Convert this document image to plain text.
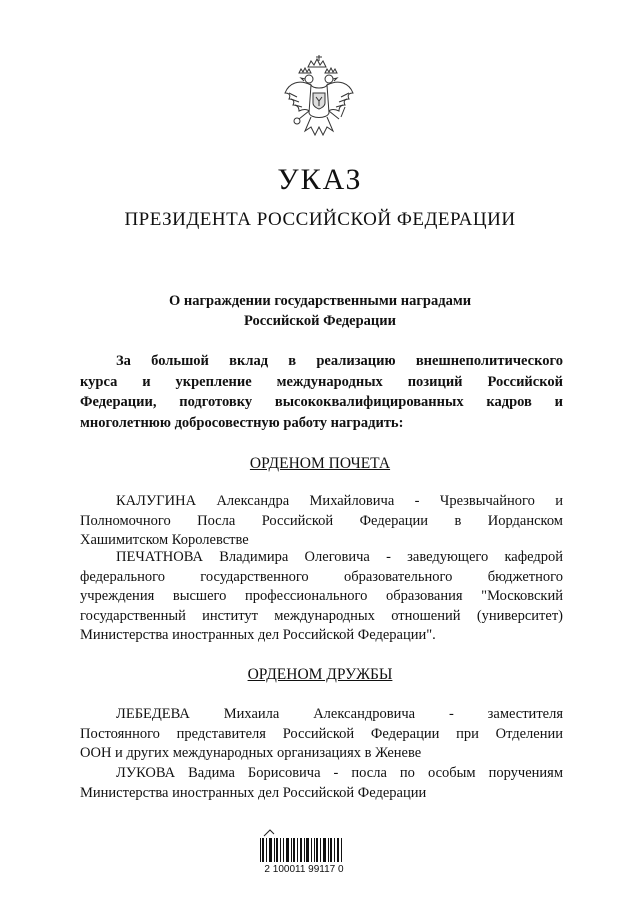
УКАЗ
ПРЕЗИДЕНТА РОССИЙСКОЙ ФЕДЕРАЦИИ
О награждении государственными наградами
Российской Федерации
За большой вклад в реализацию внешнеполитического
курса и укрепление международных позиций Российской
Федерации, подготовку высококвалифицированных кадров и
многолетнюю добросовестную работу наградить:
ОРДЕНОМ ПОЧЕТА
КАЛУГИНА Александра Михайловича - Чрезвычайного и
Полномочного Посла Российской Федерации в Иорданском
Хашимитском Королевстве
ПЕЧАТНОВА Владимира Олеговича - заведующего кафедрой
федерального государственного образовательного бюджетного
учреждения высшего профессионального образования "Московский
государственный институт международных отношений (университет)
Министерства иностранных дел Российской Федерации".
ОРДЕНОМ ДРУЖБЫ
ЛЕБЕДЕВА Михаила Александровича - заместителя
Постоянного представителя Российской Федерации при Отделении
ООН и других международных организациях в Женеве
ЛУКОВА Вадима Борисовича - посла по особым поручениям
Министерства иностранных дел Российской Федерации
2 100011 99117 0
